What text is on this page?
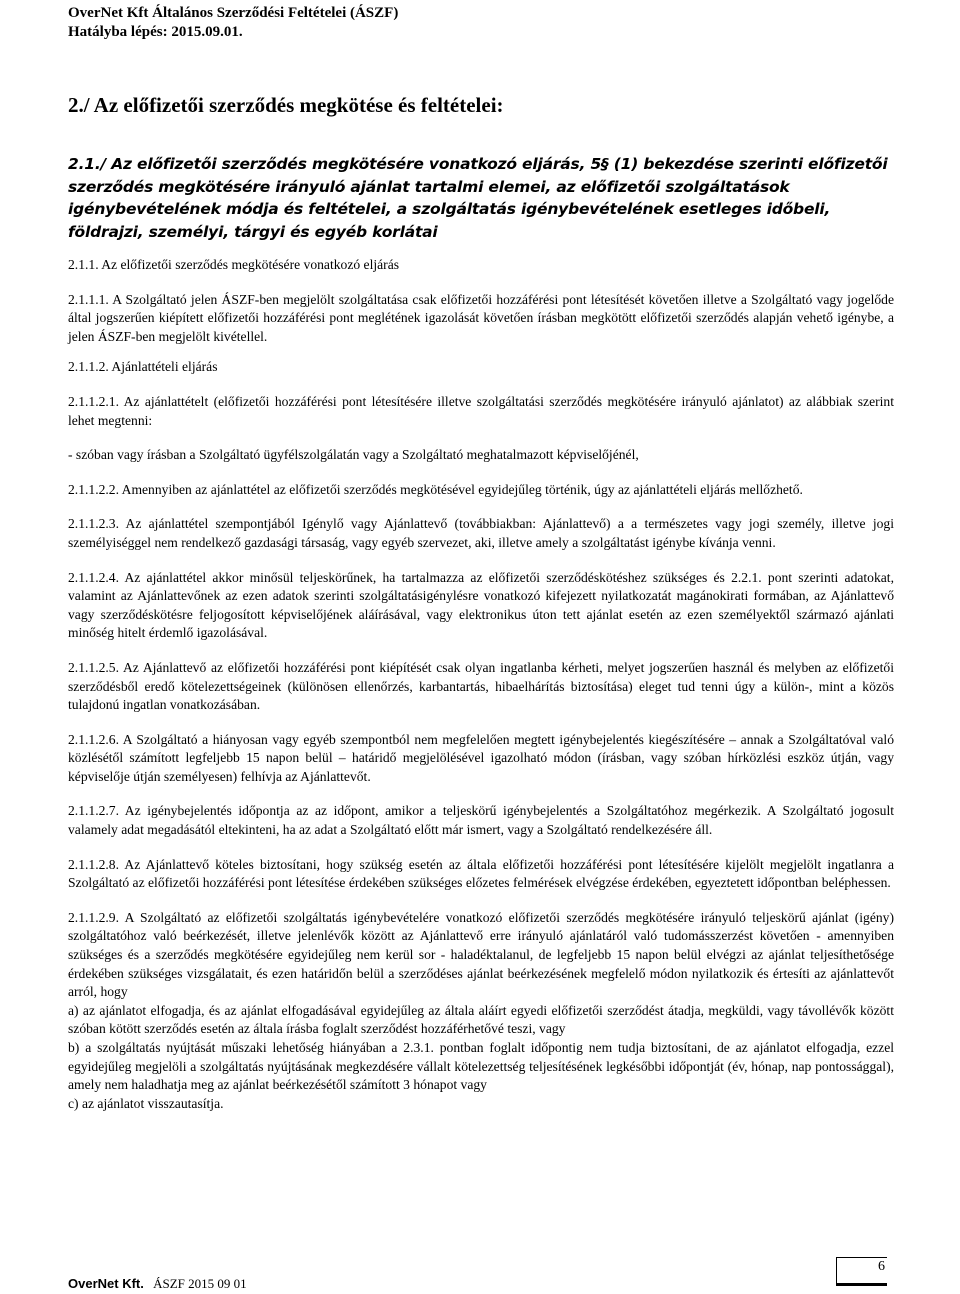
OverNet Kft Általános Szerződési Feltételei (ÁSZF)
Hatályba lépés: 2015.09.01.
2./ Az előfizetői szerződés megkötése és feltételei:
2.1./ Az előfizetői szerződés megkötésére vonatkozó eljárás, 5§ (1) bekezdése szerinti előfizetői szerződés megkötésére irányuló ajánlat tartalmi elemei, az előfizetői szolgáltatások igénybevételének módja és feltételei, a szolgáltatás igénybevételének esetleges időbeli, földrajzi, személyi, tárgyi és egyéb korlátai

2.1.1. Az előfizetői szerződés megkötésére vonatkozó eljárás

2.1.1.1. A Szolgáltató jelen ÁSZF-ben megjelölt szolgáltatása csak előfizetői hozzáférési pont létesítését követően illetve a Szolgáltató vagy jogelőde által jogszerűen kiépített előfizetői hozzáférési pont meglétének igazolását követően írásban megkötött előfizetői szerződés alapján vehető igénybe, a jelen ÁSZF-ben megjelölt kivétellel.

2.1.1.2. Ajánlattételi eljárás

2.1.1.2.1. Az ajánlattételt (előfizetői hozzáférési pont létesítésére illetve szolgáltatási szerződés megkötésére irányuló ajánlatot) az alábbiak szerint lehet megtenni:

- szóban vagy írásban a Szolgáltató ügyfélszolgálatán vagy a Szolgáltató meghatalmazott képviselőjénél,

2.1.1.2.2. Amennyiben az ajánlattétel az előfizetői szerződés megkötésével egyidejűleg történik, úgy az ajánlattételi eljárás mellőzhető.

2.1.1.2.3. Az ajánlattétel szempontjából Igénylő vagy Ajánlattevő (továbbiakban: Ajánlattevő) a a természetes vagy jogi személy, illetve jogi személyiséggel nem rendelkező gazdasági társaság, vagy egyéb szervezet, aki, illetve amely a szolgáltatást igénybe kívánja venni.

2.1.1.2.4. Az ajánlattétel akkor minősül teljeskörűnek, ha tartalmazza az előfizetői szerződéskötéshez szükséges és 2.2.1. pont szerinti adatokat, valamint az Ajánlattevőnek az ezen adatok szerinti szolgáltatásigénylésre vonatkozó kifejezett nyilatkozatát magánokirati formában, az Ajánlattevő vagy szerződéskötésre feljogosított képviselőjének aláírásával, vagy elektronikus úton tett ajánlat esetén az ezen személyektől származó ajánlati minőség hitelt érdemlő igazolásával.

2.1.1.2.5. Az Ajánlattevő az előfizetői hozzáférési pont kiépítését csak olyan ingatlanba kérheti, melyet jogszerűen használ és melyben az előfizetői szerződésből eredő kötelezettségeinek (különösen ellenőrzés, karbantartás, hibaelhárítás biztosítása) eleget tud tenni úgy a külön-, mint a közös tulajdonú ingatlan vonatkozásában.

2.1.1.2.6. A Szolgáltató a hiányosan vagy egyéb szempontból nem megfelelően megtett igénybejelentés kiegészítésére – annak a Szolgáltatóval való közlésétől számított legfeljebb 15 napon belül – határidő megjelölésével igazolható módon (írásban, vagy szóban hírközlési eszköz útján, vagy képviselője útján személyesen) felhívja az Ajánlattevőt.

2.1.1.2.7. Az igénybejelentés időpontja az az időpont, amikor a teljeskörű igénybejelentés a Szolgáltatóhoz megérkezik. A Szolgáltató jogosult valamely adat megadásától eltekinteni, ha az adat a Szolgáltató előtt már ismert, vagy a Szolgáltató rendelkezésére áll.

2.1.1.2.8. Az Ajánlattevő köteles biztosítani, hogy szükség esetén az általa előfizetői hozzáférési pont létesítésére kijelölt megjelölt ingatlanra a Szolgáltató az előfizetői hozzáférési pont létesítése érdekében szükséges előzetes felmérések elvégzése érdekében, egyeztetett időpontban beléphessen.

2.1.1.2.9. A Szolgáltató az előfizetői szolgáltatás igénybevételére vonatkozó előfizetői szerződés megkötésére irányuló teljeskörű ajánlat (igény) szolgáltatóhoz való beérkezését, illetve jelenlévők között az Ajánlattevő erre irányuló ajánlatáról való tudomásszerzést követően - amennyiben szükséges és a szerződés megkötésére egyidejűleg nem kerül sor - haladéktalanul, de legfeljebb 15 napon belül elvégzi az ajánlat teljesíthetősége érdekében szükséges vizsgálatait, és ezen határidőn belül a szerződéses ajánlat beérkezésének megfelelő módon nyilatkozik és értesíti az ajánlattevőt arról, hogy

a) az ajánlatot elfogadja, és az ajánlat elfogadásával egyidejűleg az általa aláírt egyedi előfizetői szerződést átadja, megküldi, vagy távollévők között szóban kötött szerződés esetén az általa írásba foglalt szerződést hozzáférhetővé teszi, vagy

b) a szolgáltatás nyújtását műszaki lehetőség hiányában a 2.3.1. pontban foglalt időpontig nem tudja biztosítani, de az ajánlatot elfogadja, ezzel egyidejűleg megjelöli a szolgáltatás nyújtásának megkezdésére vállalt kötelezettség teljesítésének legkésőbbi időpontját (év, hónap, nap pontossággal), amely nem haladhatja meg az ajánlat beérkezésétől számított 3 hónapot vagy

c) az ajánlatot visszautasítja.

6
OverNet Kft. ÁSZF 2015 09 01
